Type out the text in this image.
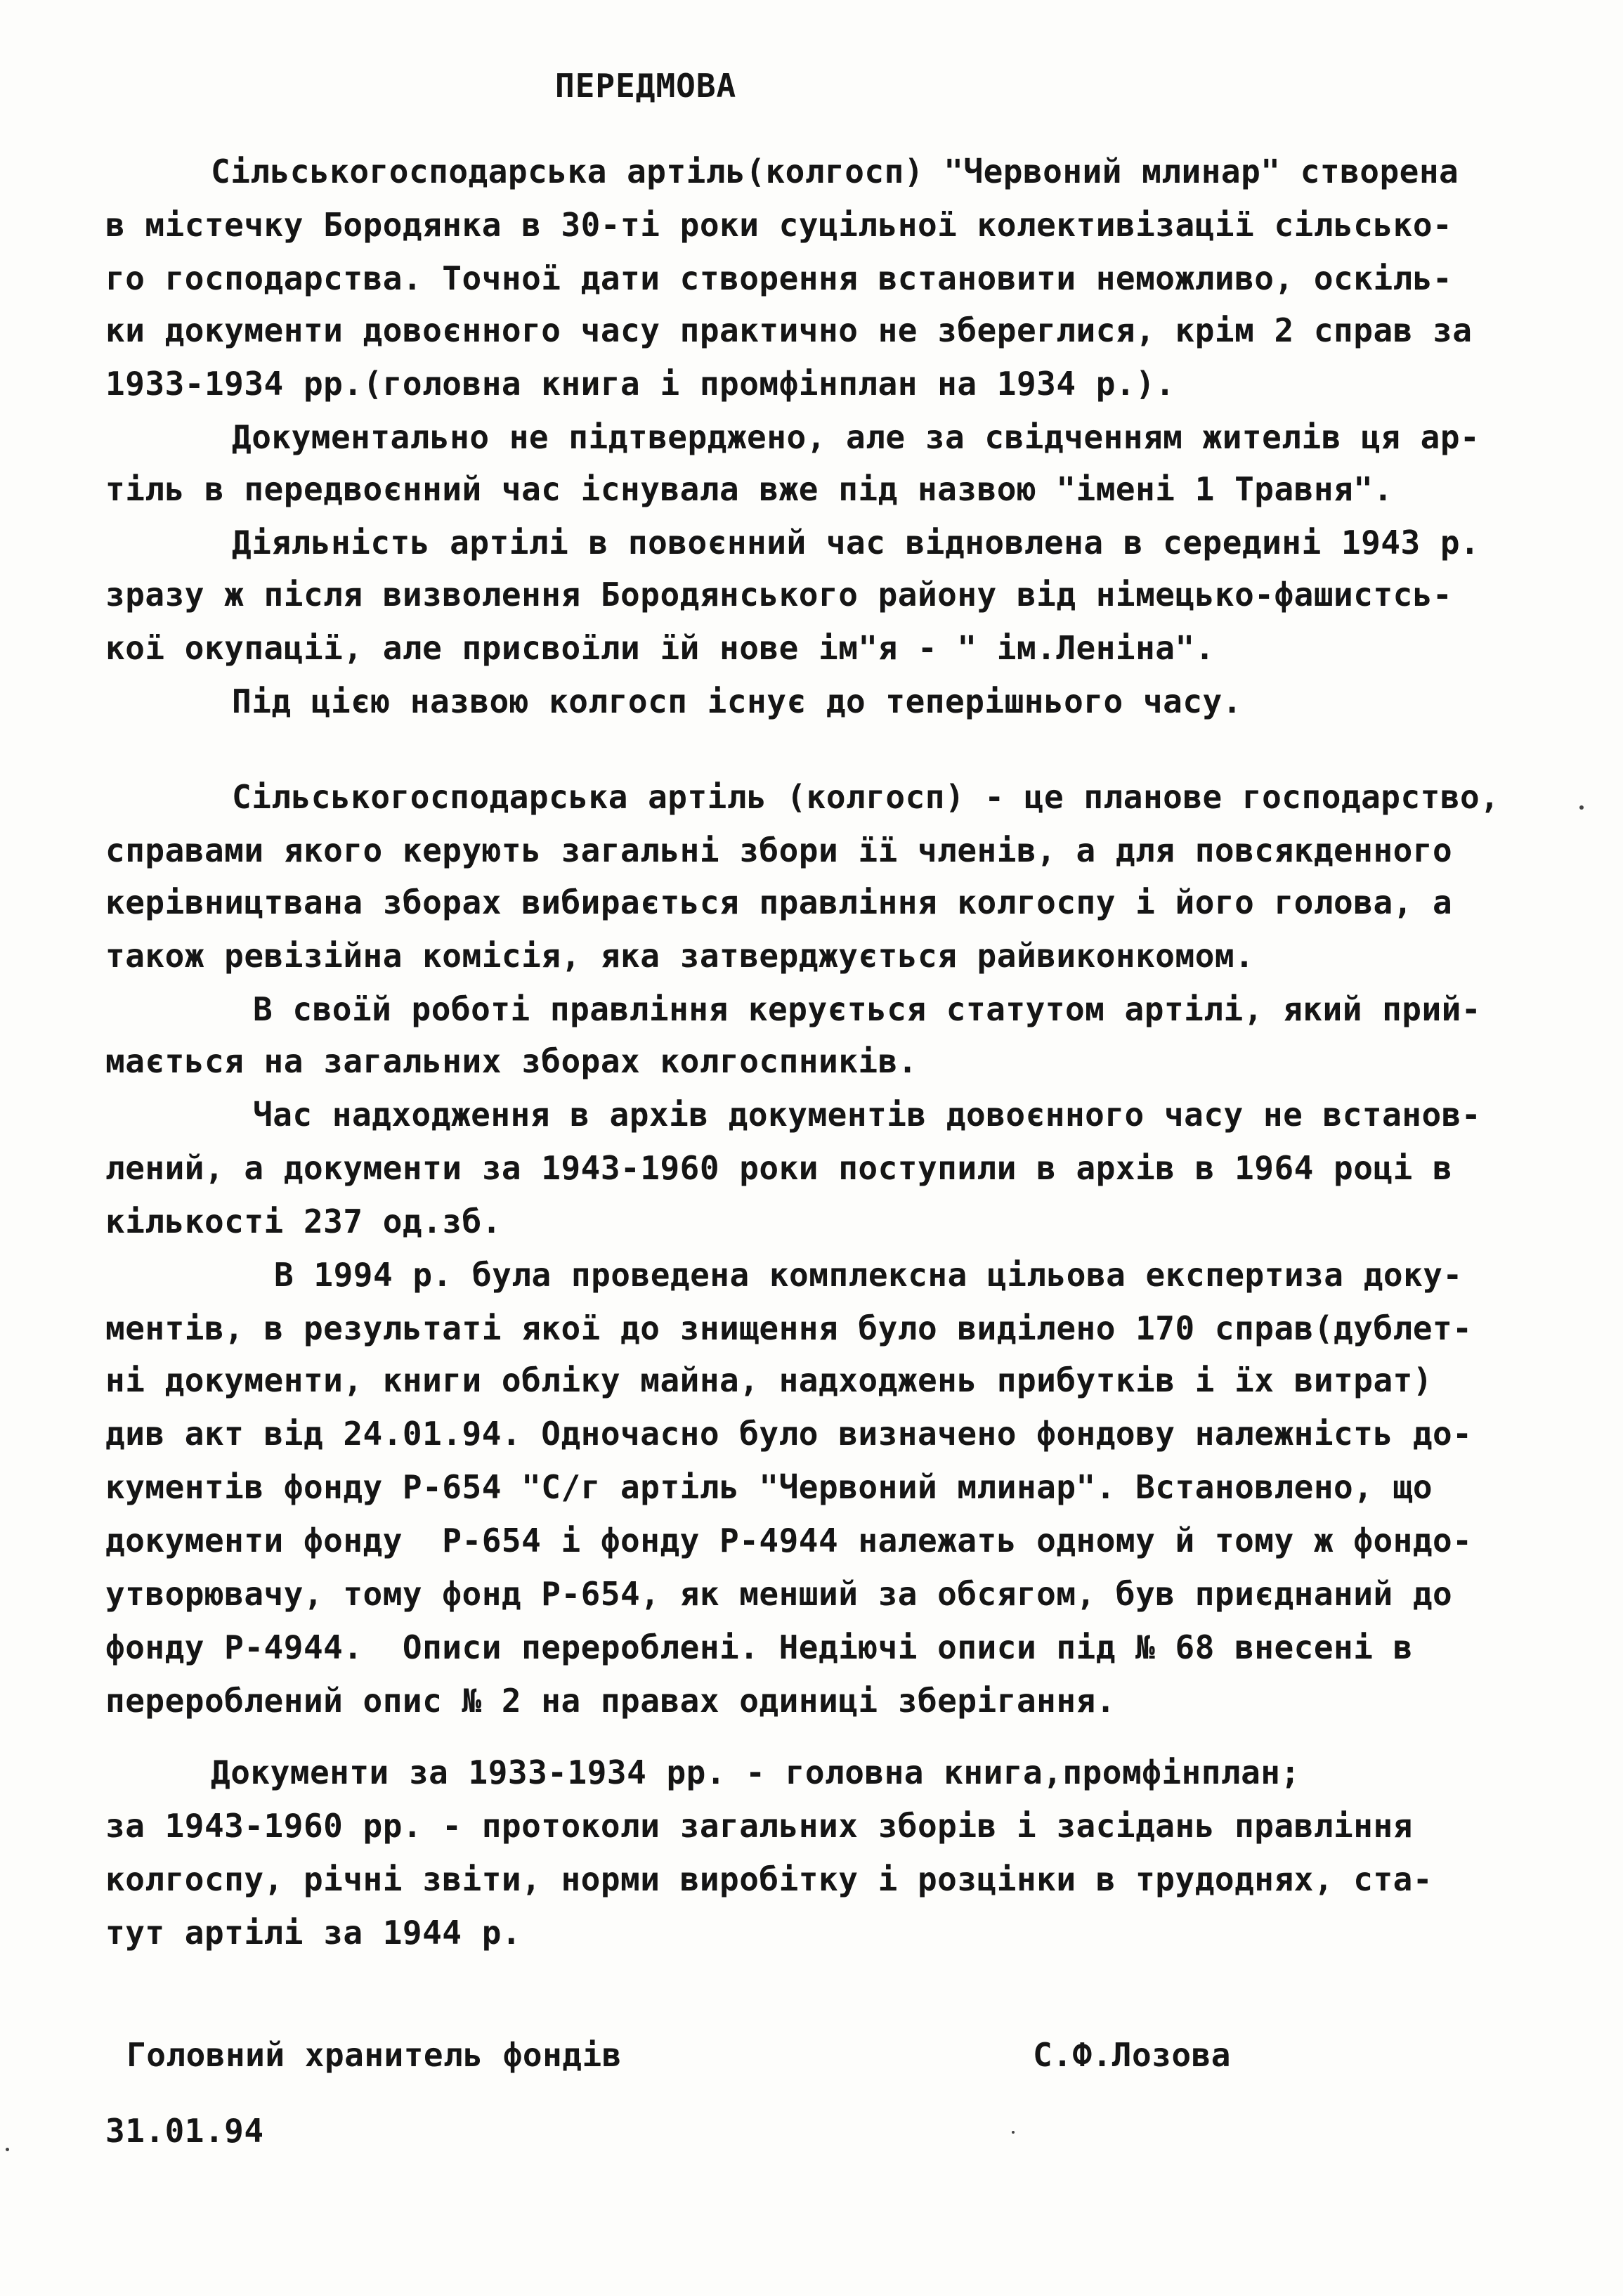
ПЕРЕДМОВА
Сільськогосподарська артіль(колгосп) "Червоний млинар" створена
в містечку Бородянка в 30-ті роки суцільної колективізації сільсько-
го господарства. Точної дати створення встановити неможливо, оскіль-
ки документи довоєнного часу практично не збереглися, крім 2 справ за
1933-1934 рр.(головна книга і промфінплан на 1934 р.).
Документально не підтверджено, але за свідченням жителів ця ар-
тіль в передвоєнний час існувала вже під назвою "імені 1 Травня".
Діяльність артілі в повоєнний час відновлена в середині 1943 р.
зразу ж після визволення Бородянського району від німецько-фашистсь-
кої окупації, але присвоїли їй нове ім"я - " ім.Леніна".
Під цією назвою колгосп існує до теперішнього часу.
Сільськогосподарська артіль (колгосп) - це планове господарство,
справами якого керують загальні збори її членів, а для повсякденного
керівництвана зборах вибирається правління колгоспу і його голова, а
також ревізійна комісія, яка затверджується райвиконкомом.
В своїй роботі правління керується статутом артілі, який прий-
мається на загальних зборах колгоспників.
Час надходження в архів документів довоєнного часу не встанов-
лений, а документи за 1943-1960 роки поступили в архів в 1964 році в
кількості 237 од.зб.
В 1994 р. була проведена комплексна цільова експертиза доку-
ментів, в результаті якої до знищення було виділено 170 справ(дублет-
ні документи, книги обліку майна, надходжень прибутків і їх витрат)
див акт від 24.01.94. Одночасно було визначено фондову належність до-
кументів фонду Р-654 "С/г артіль "Червоний млинар". Встановлено, що
документи фонду  Р-654 і фонду Р-4944 належать одному й тому ж фондо-
утворювачу, тому фонд Р-654, як менший за обсягом, був приєднаний до
фонду Р-4944.  Описи перероблені. Недіючі описи під № 68 внесені в
перероблений опис № 2 на правах одиниці зберігання.
Документи за 1933-1934 рр. - головна книга,промфінплан;
за 1943-1960 рр. - протоколи загальних зборів і засідань правління
колгоспу, річні звіти, норми виробітку і розцінки в трудоднях, ста-
тут артілі за 1944 р.
Головний хранитель фондів	С.Ф.Лозова
31.01.94
